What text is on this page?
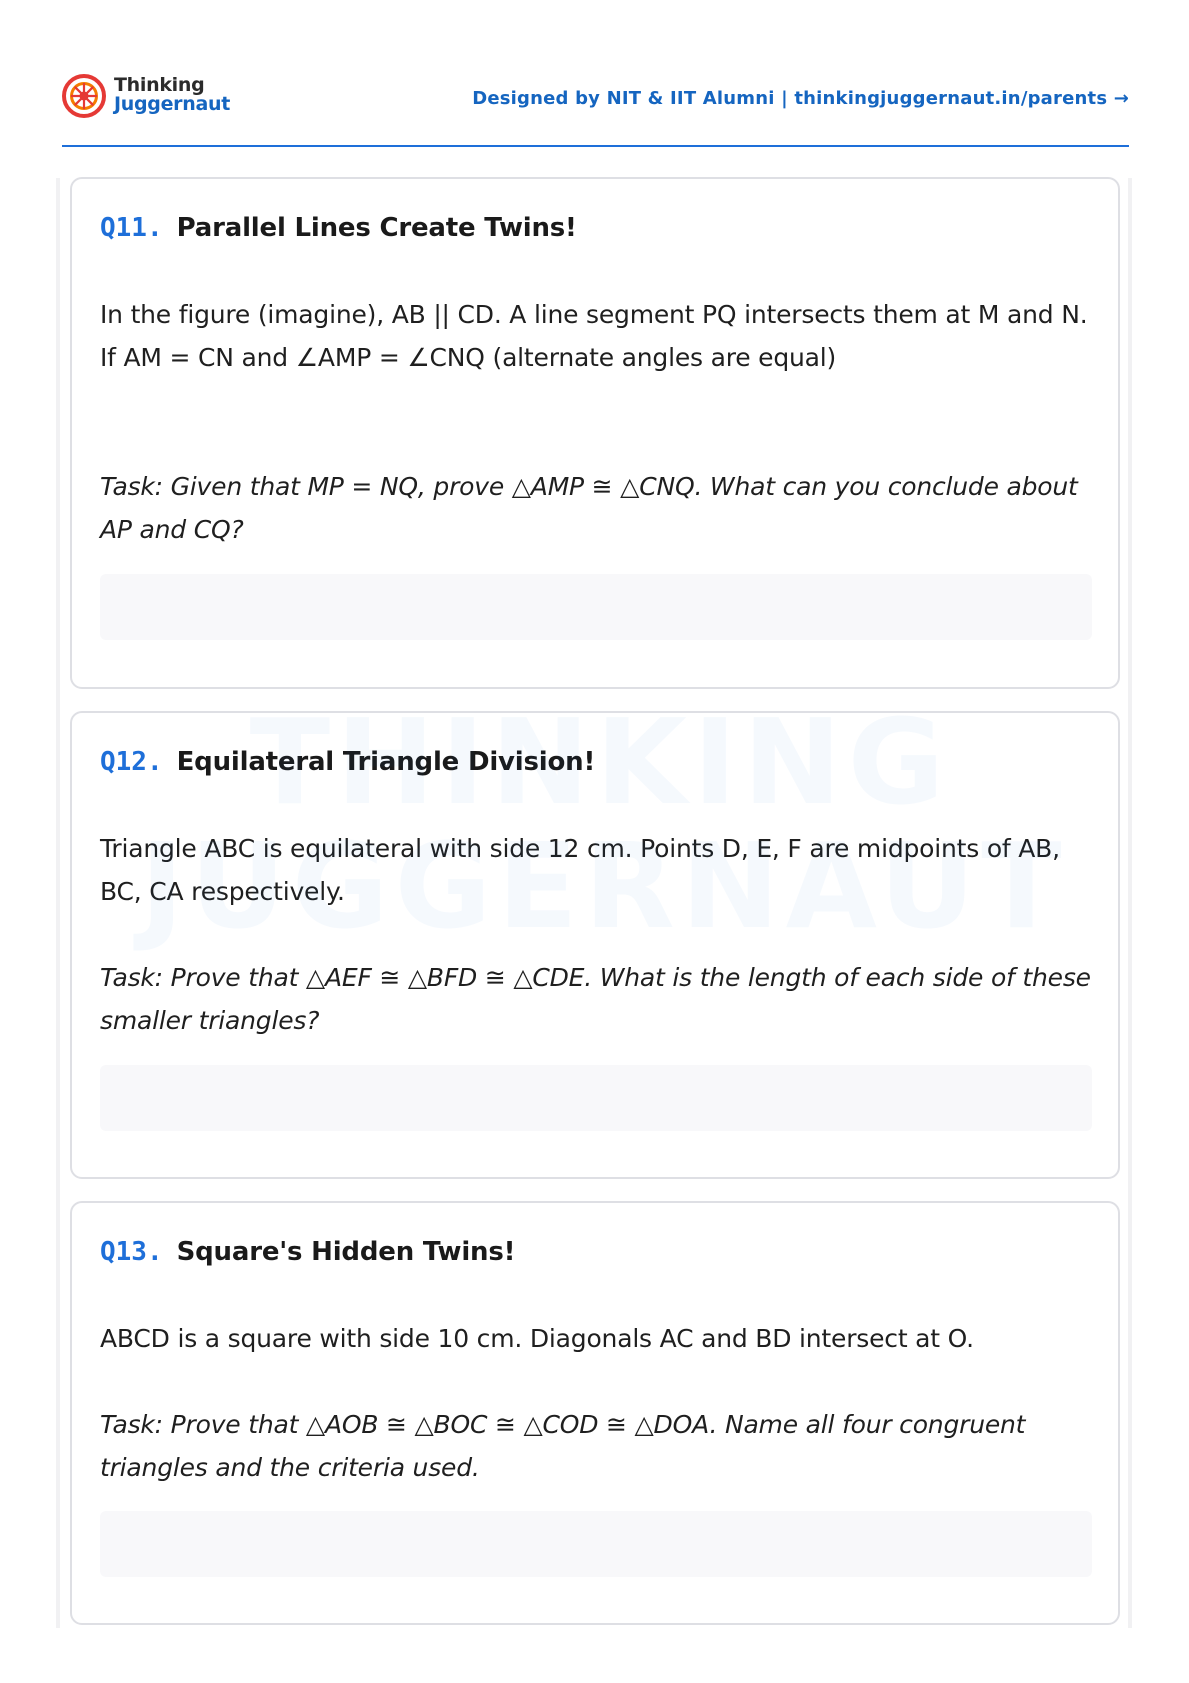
Thinking
Juggernaut	Designed by NIT & IIT Alumni | thinkingjuggernaut.in/parents →
Q11. Parallel Lines Create Twins!
In the figure (imagine), AB || CD. A line segment PQ intersects them at M and N.
If AM = CN and ∠AMP = ∠CNQ (alternate angles are equal)
Task: Given that MP = NQ, prove △AMP ≅ △CNQ. What can you conclude about AP and CQ?
Q12. Equilateral Triangle Division!
Triangle ABC is equilateral with side 12 cm. Points D, E, F are midpoints of AB, BC, CA respectively.
Task: Prove that △AEF ≅ △BFD ≅ △CDE. What is the length of each side of these smaller triangles?
Q13. Square's Hidden Twins!
ABCD is a square with side 10 cm. Diagonals AC and BD intersect at O.
Task: Prove that △AOB ≅ △BOC ≅ △COD ≅ △DOA. Name all four congruent triangles and the criteria used.
